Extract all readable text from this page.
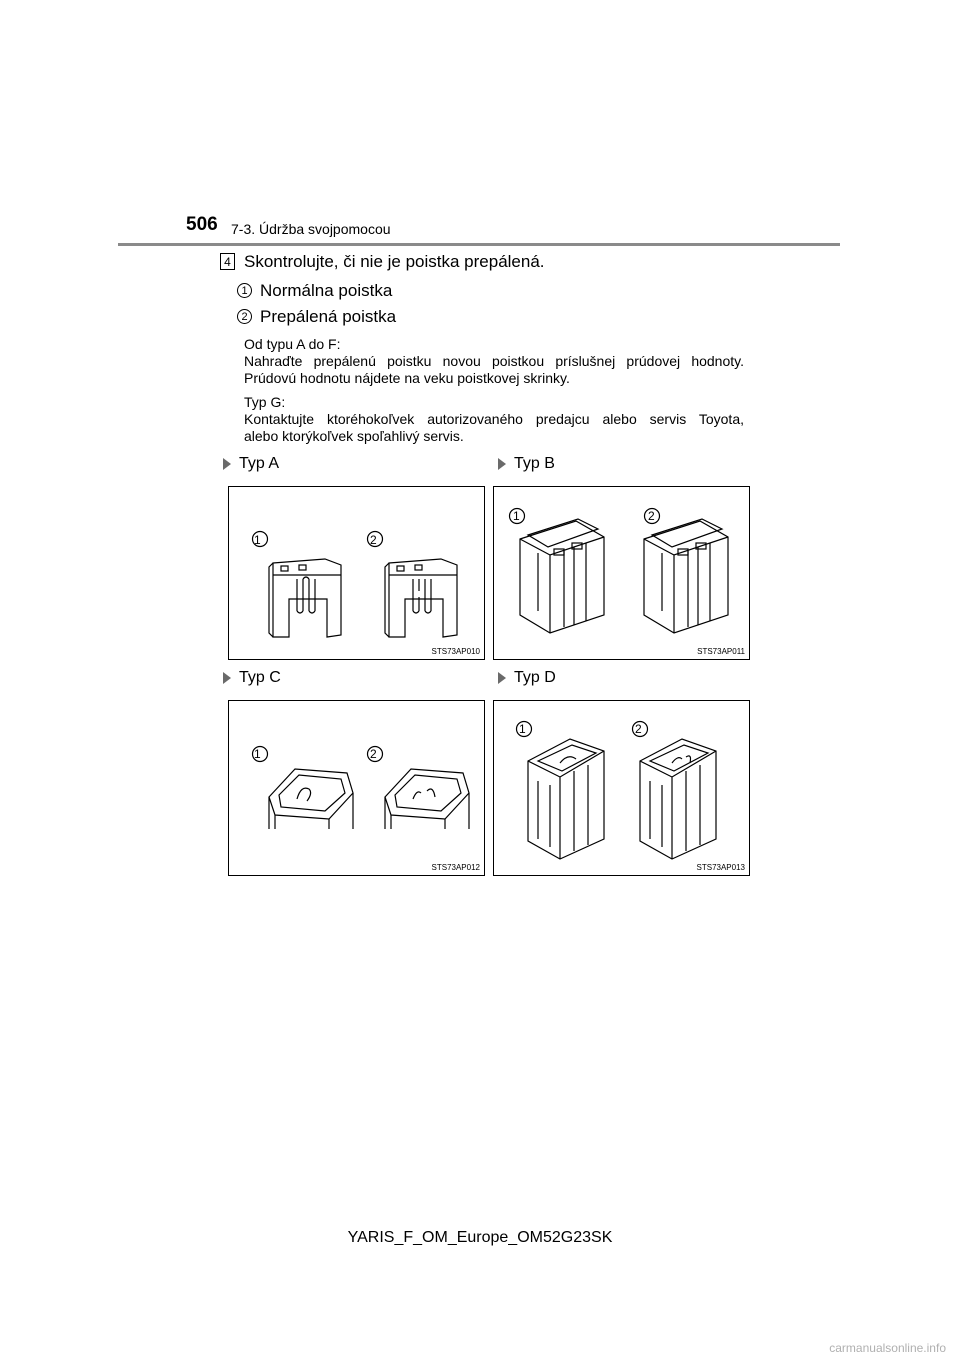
506 7-3. Údržba svojpomocou
4 Skontrolujte, či nie je poistka prepálená.
1 Normálna poistka
2 Prepálená poistka
Od typu A do F:
Nahraďte prepálenú poistku novou poistkou príslušnej prúdovej hodnoty.
Prúdovú hodnotu nájdete na veku poistkovej skrinky.
Typ G:
Kontaktujte ktoréhokoľvek autorizovaného predajcu alebo servis Toyota,
alebo ktorýkoľvek spoľahlivý servis.
Typ A	Typ B
Typ C	Typ D
STS73AP010
1	2
STS73AP011
1	2
STS73AP012
1	2
STS73AP013
1	2
YARIS_F_OM_Europe_OM52G23SK
carmanualsonline.info
